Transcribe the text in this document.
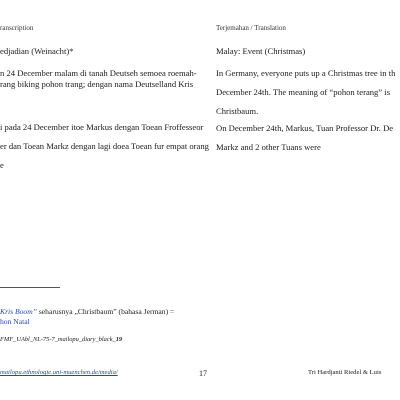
ranscription
edjadian (Weinacht)*
n 24 December malam di tanah Deutseh semoea roemah-
rang biking pohon trang; dengan nama Deutselland Kris
i pada 24 December itoe Markus dengan Toean Froffesseor
er dan Toean Markz dengan lagi doea Toean fur empat orang
e
Terjemahan / Translation
Malay: Event (Christmas)
In Germany, everyone puts up a Christmas tree in th
December 24th. The meaning of “pohon terang” is
Christbaum.
On December 24th, Markus, Tuan Professor Dr. De
Markz and 2 other Tuans were
Kris Boom” seharusnya „Christbaum” (bahasa Jerman) =
hon Natal
FMF_UAbl_NL-75-7_mailopu_diary_black_19
mailopu.ethnologie.uni-muenchen.de/media/	17	Tri Hardjanti Riedel & Luis
